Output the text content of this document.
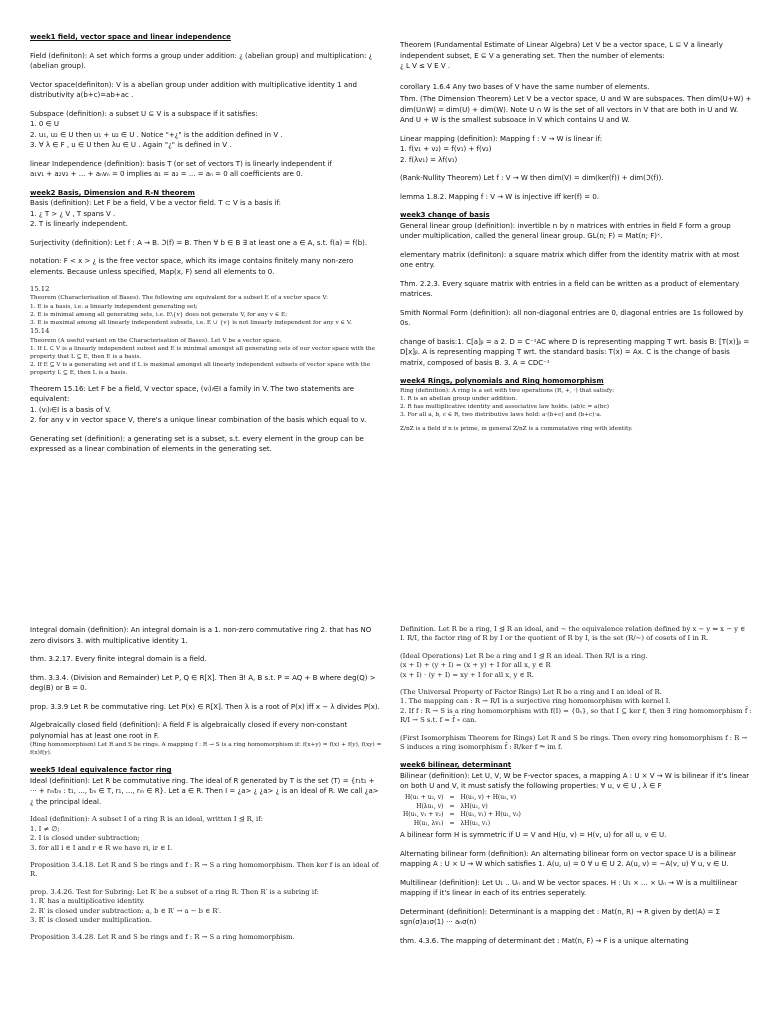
week1 field, vector space and linear independence

Field (definiton): A set which forms a group under addition: ¿ (abelian group) and multiplication: ¿ (abelian group).

Vector space(definiton): V is a abelian group under addition with multiplicative identity 1 and distributivity a(b+c)=ab+ac .

Subspace (definition): a subset U ⊆ V is a subspace if it satisfies:

1. 0 ∈ U

2. u₁, u₂ ∈ U then u₁ + u₂ ∈ U . Notice "+¿" is the addition defined in V .

3. ∀ λ ∈ F , u ∈ U then λu ∈ U . Again "¿" is defined in V .

linear Independence (definition): basis T (or set of vectors T) is linearly independent if

a₁v₁ + a₂v₂ + ... + aₙvₙ = 0 implies a₁ = a₂ = ... = aₙ = 0 all coefficients are 0.

week2 Basis, Dimension and R-N theorem

Basis (definition): Let F be a field, V be a vector field. T ⊂ V is a basis if:

1. ¿ T > ¿ V , T spans V .

2. T is linearly independent.

Surjectivity (definition): Let f : A → B. ℑ(f) = B. Then ∀ b ∈ B ∃ at least one a ∈ A, s.t. f(a) = f(b).

notation: F < x > ¿ is the free vector space, which its image contains finitely many non-zero elements. Because unless specified, Map(x, F) send all elements to 0.

15.12

Theorem (Characterisation of Bases). The following are equivalent for a subset E of a vector space V:

1. E is a basis, i.e. a linearly independent generating set;

2. E is minimal among all generating sets, i.e. E\{v} does not generate V, for any v ∈ E;

3. E is maximal among all linearly independent subsets, i.e. E ∪ {v} is not linearly independent for any v ∈ V.

15.14

Theorem (A useful variant on the Characterisation of Bases). Let V be a vector space.

1. If L ⊂ V is a linearly independent subset and E is minimal amongst all generating sets of our vector space with the property that L ⊆ E, then E is a basis.

2. If E ⊆ V is a generating set and if L is maximal amongst all linearly independent subsets of vector space with the property L ⊆ E, then L is a basis.

Theorem 15.16: Let F be a field, V vector space, (vᵢ)ᵢ∈I a family in V. The two statements are equivalent:

1. (vᵢ)ᵢ∈I is a basis of V.

2. for any v in vector space V, there's a unique linear combination of the basis which equal to v.

Generating set (definition): a generating set is a subset, s.t. every element in the group can be expressed as a linear combination of elements in the generating set.

Theorem (Fundamental Estimate of Linear Algebra) Let V be a vector space, L ⊆ V a linearly independent subset, E ⊆ V a generating set. Then the number of elements:

¿ L V ≤ V E V .

corollary 1.6.4 Any two bases of V have the same number of elements.

Thm. (The Dimension Theorem) Let V be a vector space, U and W are subspaces. Then dim(U+W) + dim(U∩W) = dim(U) + dim(W). Note U ∩ W is the set of all vectors in V that are both in U and W. And U + W is the smallest subsoace in V which contains U and W.

Linear mapping (definition): Mapping f : V → W is linear if:

1. f(v₁ + v₂) = f(v₁) + f(v₂)

2. f(λv₁) = λf(v₁)

(Rank-Nullity Theorem) Let f : V → W then dim(V) = dim(ker(f)) + dim(ℑ(f)).

lemma 1.8.2. Mapping f : V → W is injective iff ker(f) = 0.

week3 change of basis

General linear group (definition): invertible n by n matrices with entries in field F form a group under multiplication, called the general linear group. GL(n; F) = Mat(n; F)ˣ.

elementary matrix (definiton): a square matrix which differ from the identity matrix with at most one entry.

Thm. 2.2.3. Every square matrix with entries in a field can be written as a product of elementary matrices.

Smith Normal Form (definition): all non-diagonal entries are 0, diagonal entries are 1s followed by 0s.

change of basis:1. C[a]ᵦ = a 2. D = C⁻¹AC where D is representing mapping T wrt. basis B: [T(x)]ᵦ = D[x]ᵦ. A is representing mapping T wrt. the standard basis: T(x) = Ax. C is the change of basis matrix, composed of basis B. 3. A = CDC⁻¹

week4 Rings, polynomials and Ring homomorphism

Ring (definition): A ring is a set with two operations (R, +, ·) that satisfy:

1. R is an abelian group under addition.

2. R has multiplicative identity and associative law holds. (ab)c = a(bc)

3. For all a, b, c ∈ R, two distributive laws hold: a·(b+c) and (b+c)·a.

Z/nZ is a field if n is prime, in general Z/nZ is a commutative ring with identity.

Integral domain (definition): An integral domain is a 1. non-zero commutative ring 2. that has NO zero divisors 3. with multiplicative identity 1.

thm. 3.2.17. Every finite integral domain is a field.

thm. 3.3.4. (Division and Remainder) Let P, Q ∈ R[X]. Then ∃! A, B s.t. P = AQ + B where deg(Q) > deg(B) or B = 0.

prop. 3.3.9 Let R be commutative ring. Let P(x) ∈ R[X]. Then λ is a root of P(x) iff x − λ divides P(x).

Algebraically closed field (definition): A field F is algebraically closed if every non-constant polynomial has at least one root in F.

(Ring homomorphism) Let R and S be rings. A mapping f : R → S is a ring homomorphism if: f(x+y) = f(x) + f(y), f(xy) = f(x)f(y).

week5 Ideal equivalence factor ring

Ideal (definition): Let R be commutative ring. The ideal of R generated by T is the set ⟨T⟩ = {r₁t₁ + ··· + rₘtₘ : t₁, ..., tₘ ∈ T, r₁, ..., rₘ ∈ R}. Let a ∈ R. Then I = ¿a> ¿ ¿a> ¿ is an ideal of R. We call ¿a> ¿ the principal ideal.

Ideal (definition): A subset I of a ring R is an ideal, written I ⊴ R, if:

1. I ≠ ∅;

2. I is closed under subtraction;

3. for all i ∈ I and r ∈ R we have ri, ir ∈ I.

Proposition 3.4.18. Let R and S be rings and f : R → S a ring homomorphism. Then ker f is an ideal of R.

prop. 3.4.26. Test for Subring: Let R′ be a subset of a ring R. Then R′ is a subring if:

1. R′ has a multiplicative identity.

2. R′ is closed under subtraction: a, b ∈ R′ → a − b ∈ R′.

3. R′ is closed under multiplication.

Proposition 3.4.28. Let R and S be rings and f : R → S a ring homomorphism.

Definition. Let R be a ring, I ⊴ R an ideal, and ∼ the equivalence relation defined by x ∼ y ⇔ x − y ∈ I. R/I, the factor ring of R by I or the quotient of R by I, is the set (R/∼) of cosets of I in R.

(Ideal Operations) Let R be a ring and I ⊴ R an ideal. Then R/I is a ring.

(x + I) + (y + I) = (x + y) + I for all x, y ∈ R

(x + I) · (y + I) = xy + I for all x, y ∈ R.

(The Universal Property of Factor Rings) Let R be a ring and I an ideal of R.

1. The mapping can : R → R/I is a surjective ring homomorphism with kernel I.

2. If f : R → S is a ring homomorphism with f(I) = {0ₛ}, so that I ⊆ ker f, then ∃ ring homomorphism f̄ : R/I → S s.t. f = f̄ ∘ can.

(First Isomorphism Theorem for Rings) Let R and S be rings. Then every ring homomorphism f : R → S induces a ring isomorphism f̄ : R/ker f ⥲ im f.

week6 bilinear, determinant

Bilinear (definition): Let U, V, W be F-vector spaces, a mapping A : U × V → W is bilinear if it's linear on both U and V, it must satisfy the following properties: ∀ u, v ∈ U , λ ∈ F

H(u₁ + u₂, v)	=	H(u₁, v) + H(u₂, v)
H(λu₁, v)	=	λH(u₁, v)
H(u₁, v₁ + v₂)	=	H(u₁, v₁) + H(u₁, v₂)
H(u₁, λv₁)	=	λH(u₁, v₁)

A bilinear form H is symmetric if U = V and H(u, v) = H(v, u) for all u, v ∈ U.

Alternating bilinear form (definition): An alternating bilinear form on vector space U is a bilinear mapping A : U × U → W which satisfies 1. A(u, u) = 0 ∀ u ∈ U 2. A(u, v) = −A(v, u) ∀ u, v ∈ U.

Multilinear (definition): Let U₁ .. Uₙ and W be vector spaces. H : U₁ × ... × Uₙ → W is a multilinear mapping if it's linear in each of its entries seperately.

Determinant (definition): Determinant is a mapping det : Mat(n, R) → R given by det(A) = Σ sgn(σ)a₁σ(1) ··· aₙσ(n)

thm. 4.3.6. The mapping of determinant det : Mat(n, F) → F is a unique alternating
